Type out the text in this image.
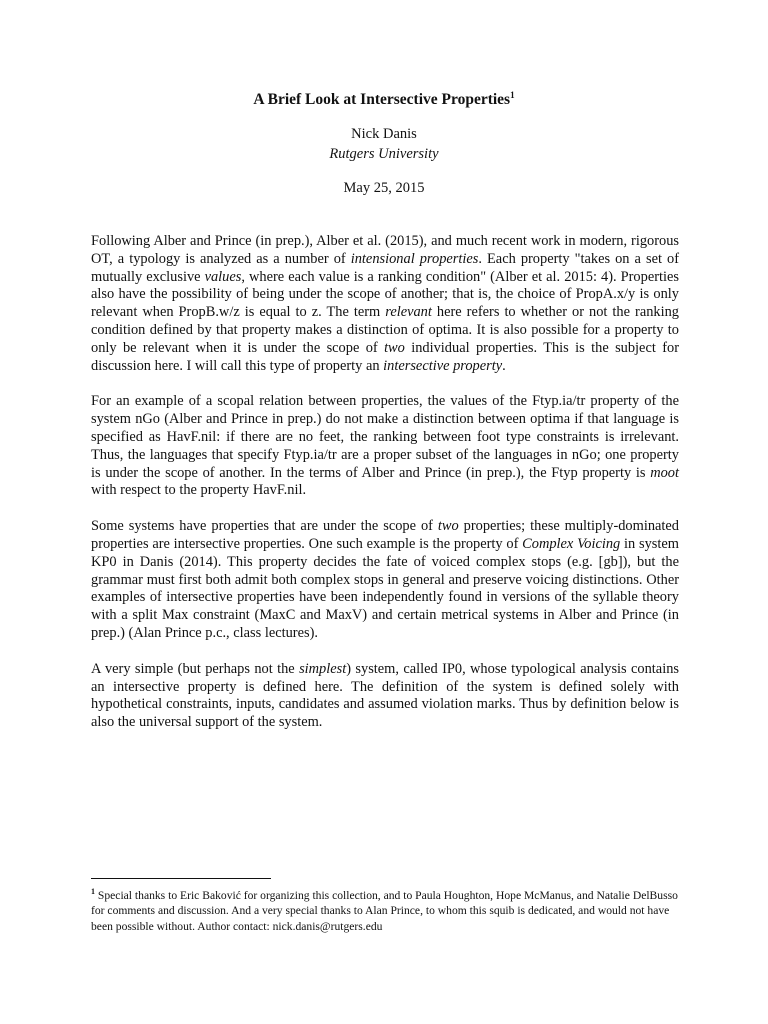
A Brief Look at Intersective Properties$^1$
Nick Danis
Rutgers University
May 25, 2015

Following Alber and Prince (in prep.), Alber et al. (2015), and much recent work in modern, rigorous OT, a typology is analyzed as a number of intensional properties. Each property "takes on a set of mutually exclusive values, where each value is a ranking condition" (Alber et al. 2015: 4). Properties also have the possibility of being under the scope of another; that is, the choice of PropA.x/y is only relevant when PropB.w/z is equal to z. The term relevant here refers to whether or not the ranking condition defined by that property makes a distinction of optima. It is also possible for a property to only be relevant when it is under the scope of two individual properties. This is the subject for discussion here. I will call this type of property an intersective property.

For an example of a scopal relation between properties, the values of the Ftyp.ia/tr property of the system nGo (Alber and Prince in prep.) do not make a distinction between optima if that language is specified as HavF.nil: if there are no feet, the ranking between foot type constraints is irrelevant. Thus, the languages that specify Ftyp.ia/tr are a proper subset of the languages in nGo; one property is under the scope of another. In the terms of Alber and Prince (in prep.), the Ftyp property is moot with respect to the property HavF.nil.

Some systems have properties that are under the scope of two properties; these multiply-dominated properties are intersective properties. One such example is the property of Complex Voicing in system KP0 in Danis (2014). This property decides the fate of voiced complex stops (e.g. [gb]), but the grammar must first both admit both complex stops in general and preserve voicing distinctions. Other examples of intersective properties have been independently found in versions of the syllable theory with a split Max constraint (MaxC and MaxV) and certain metrical systems in Alber and Prince (in prep.) (Alan Prince p.c., class lectures).

A very simple (but perhaps not the simplest) system, called IP0, whose typological analysis contains an intersective property is defined here. The definition of the system is defined solely with hypothetical constraints, inputs, candidates and assumed violation marks. Thus by definition below is also the universal support of the system.

$^1$ Special thanks to Eric Baković for organizing this collection, and to Paula Houghton, Hope McManus, and Natalie DelBusso for comments and discussion. And a very special thanks to Alan Prince, to whom this squib is dedicated, and would not have been possible without. Author contact: nick.danis@rutgers.edu
